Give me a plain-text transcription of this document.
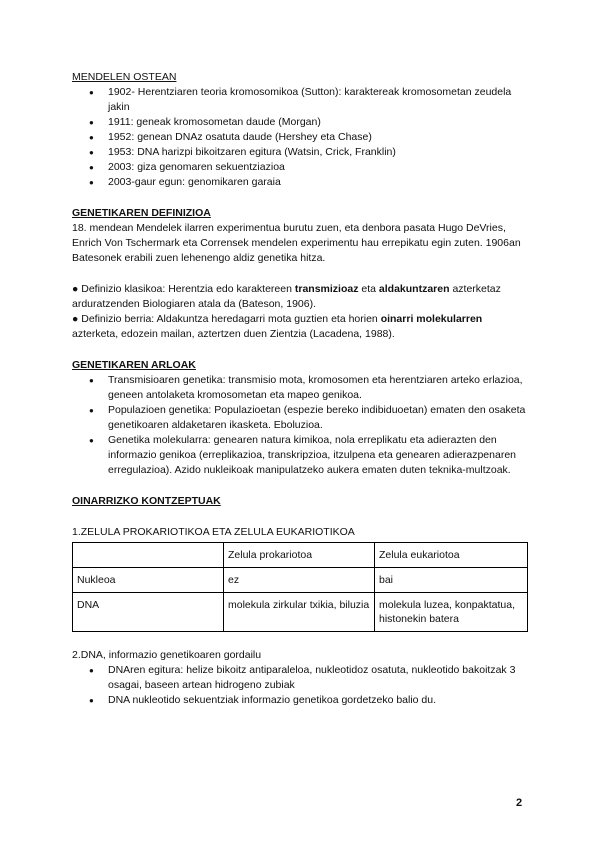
MENDELEN OSTEAN

● 1902- Herentziaren teoria kromosomikoa (Sutton): karaktereak kromosometan zeudela jakin
● 1911: geneak kromosometan daude (Morgan)
● 1952: genean DNAz osatuta daude (Hershey eta Chase)
● 1953: DNA harizpi bikoitzaren egitura (Watsin, Crick, Franklin)
● 2003: giza genomaren sekuentziazioa
● 2003-gaur egun: genomikaren garaia

GENETIKAREN DEFINIZIOA

18. mendean Mendelek ilarren experimentua burutu zuen, eta denbora pasata Hugo DeVries, Enrich Von Tschermark eta Corrensek mendelen experimentu hau errepikatu egin zuten. 1906an Batesonek erabili zuen lehenengo aldiz genetika hitza.

● Definizio klasikoa: Herentzia edo karaktereen transmizioaz eta aldakuntzaren azterketaz arduratzenden Biologiaren atala da (Bateson, 1906).

● Definizio berria: Aldakuntza heredagarri mota guztien eta horien oinarri molekularren azterketa, edozein mailan, aztertzen duen Zientzia (Lacadena, 1988).

GENETIKAREN ARLOAK

● Transmisioaren genetika: transmisio mota, kromosomen eta herentziaren arteko erlazioa, geneen antolaketa kromosometan eta mapeo genikoa.
● Populazioen genetika: Populazioetan (espezie bereko indibiduoetan) ematen den osaketa genetikoaren aldaketaren ikasketa. Eboluzioa.
● Genetika molekularra: genearen natura kimikoa, nola erreplikatu eta adierazten den informazio genikoa (erreplikazioa, transkripzioa, itzulpena eta genearen adierazpenaren erregulazioa). Azido nukleikoak manipulatzeko aukera ematen duten teknika-multzoak.

OINARRIZKO KONTZEPTUAK

1.ZELULA PROKARIOTIKOA ETA ZELULA EUKARIOTIKOA

	Zelula prokariotoa	Zelula eukariotoa
Nukleoa	ez	bai
DNA	molekula zirkular txikia, biluzia	molekula luzea, konpaktatua, histonekin batera

2.DNA, informazio genetikoaren gordailu

● DNAren egitura: helize bikoitz antiparaleloa, nukleotidoz osatuta, nukleotido bakoitzak 3 osagai, baseen artean hidrogeno zubiak
● DNA nukleotido sekuentziak informazio genetikoa gordetzeko balio du.
2
